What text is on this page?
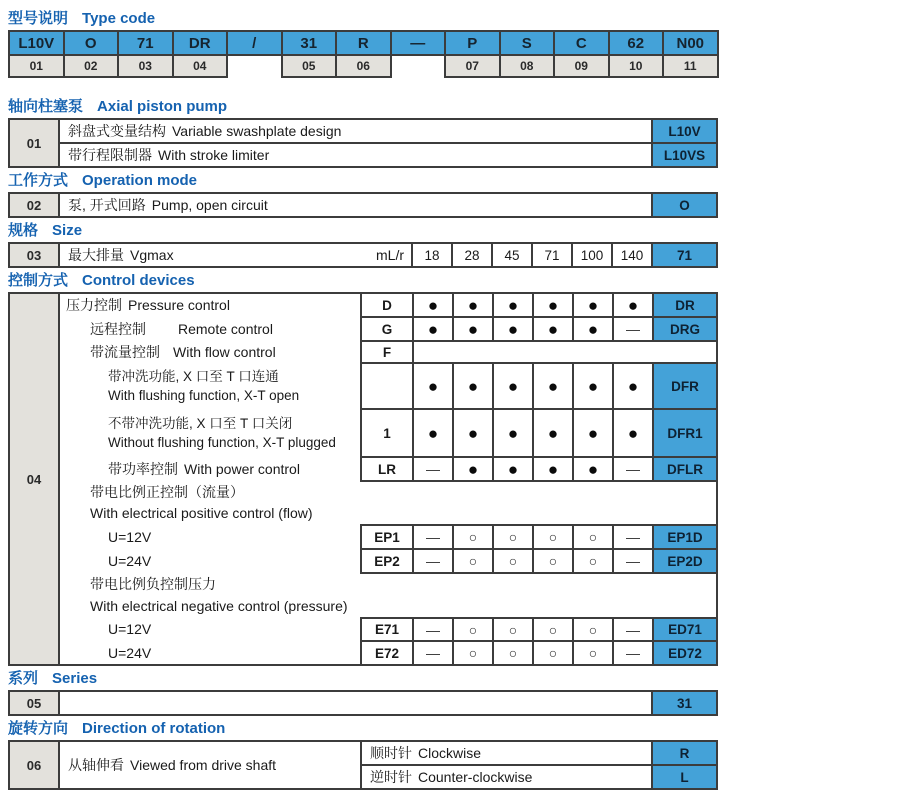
型号说明 Type code
L10V	O	71	DR	/	31	R	—	P	S	C	62	N00
01	02	03	04	05	06	07	08	09	10	11
轴向柱塞泵 Axial piston pump
01
斜盘式变量结构 Variable swashplate design	L10V
带行程限制器 With stroke limiter	L10VS
工作方式 Operation mode
02	泵, 开式回路 Pump, open circuit	O
规格 Size
03	最大排量 Vgmax	mL/r	18	28	45	71	100	140	71
控制方式 Control devices
04
压力控制 Pressure control	D	● ● ● ● ● ●	DR
远程控制 Remote control	G	● ● ● ● ● —	DRG
带流量控制 With flow control	F
带冲洗功能, X 口至 T 口连通
With flushing function, X-T open	● ● ● ● ● ●	DFR
不带冲洗功能, X 口至 T 口关闭
Without flushing function, X-T plugged
1	● ● ● ● ● ●	DFR1
带功率控制 With power control	LR	— ● ● ● ● —	DFLR
带电比例正控制（流量）
With electrical positive control (flow)
U=12V	EP1	— ○ ○ ○ ○ —	EP1D
U=24V	EP2	— ○ ○ ○ ○ —	EP2D
带电比例负控制压力
With electrical negative control (pressure)
U=12V	E71	— ○ ○ ○ ○ —	ED71
U=24V	E72	— ○ ○ ○ ○ —	ED72
系列 Series
05	31
旋转方向 Direction of rotation
06	从轴伸看 Viewed from drive shaft
顺时针 Clockwise	R
逆时针 Counter-clockwise	L
